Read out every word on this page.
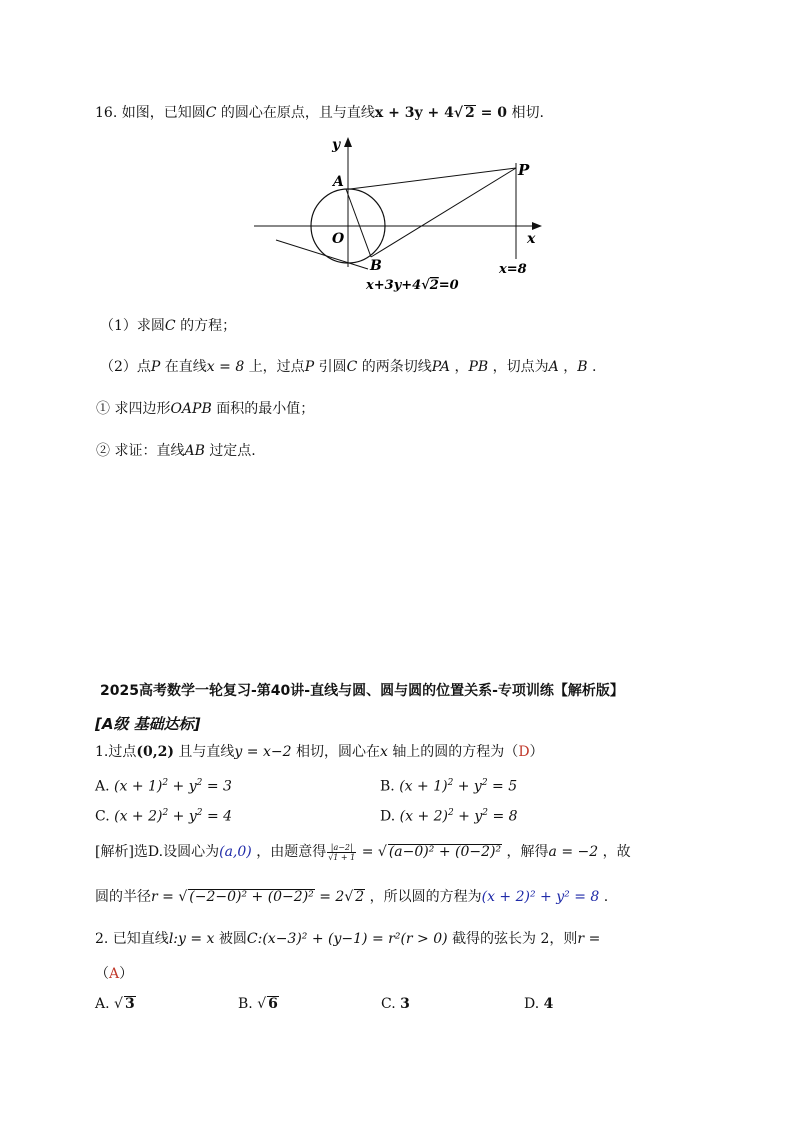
16. 如图，已知圆C 的圆心在原点，且与直线x + 3y + 4√ 2 = 0 相切.
y
x
O
A
B
P
x=8
x+3y+4√2=0
（1）求圆C 的方程；
（2）点P 在直线x = 8 上，过点P 引圆C 的两条切线PA ，PB ，切点为A ，B .
① 求四边形OAPB 面积的最小值；
② 求证：直线AB 过定点.
2025高考数学一轮复习-第40讲-直线与圆、圆与圆的位置关系-专项训练【解析版】
[A级 基础达标]
1.过点(0,2) 且与直线y = x−2 相切，圆心在x 轴上的圆的方程为（D）
A. $(x + 1)^2 + y^2 = 3$	B. $(x + 1)^2 + y^2 = 5$
C. $(x + 2)^2 + y^2 = 4$	D. $(x + 2)^2 + y^2 = 8$
[解析]选D.设圆心为(a,0) ，由题意得 $\frac{|a-2|}{√1 + 1}$ = √ (a−0)² + (0−2)² ，解得a = −2 ，故
圆的半径r = √ (−2−0)² + (0−2)² = 2√ 2 ，所以圆的方程为(x + 2)² + y² = 8 .
2. 已知直线l:y = x 被圆C:(x−3)² + (y−1) = r²(r > 0) 截得的弦长为 2，则r =
（A）
A. √ 3	B. √ 6	C. 3	D. 4
